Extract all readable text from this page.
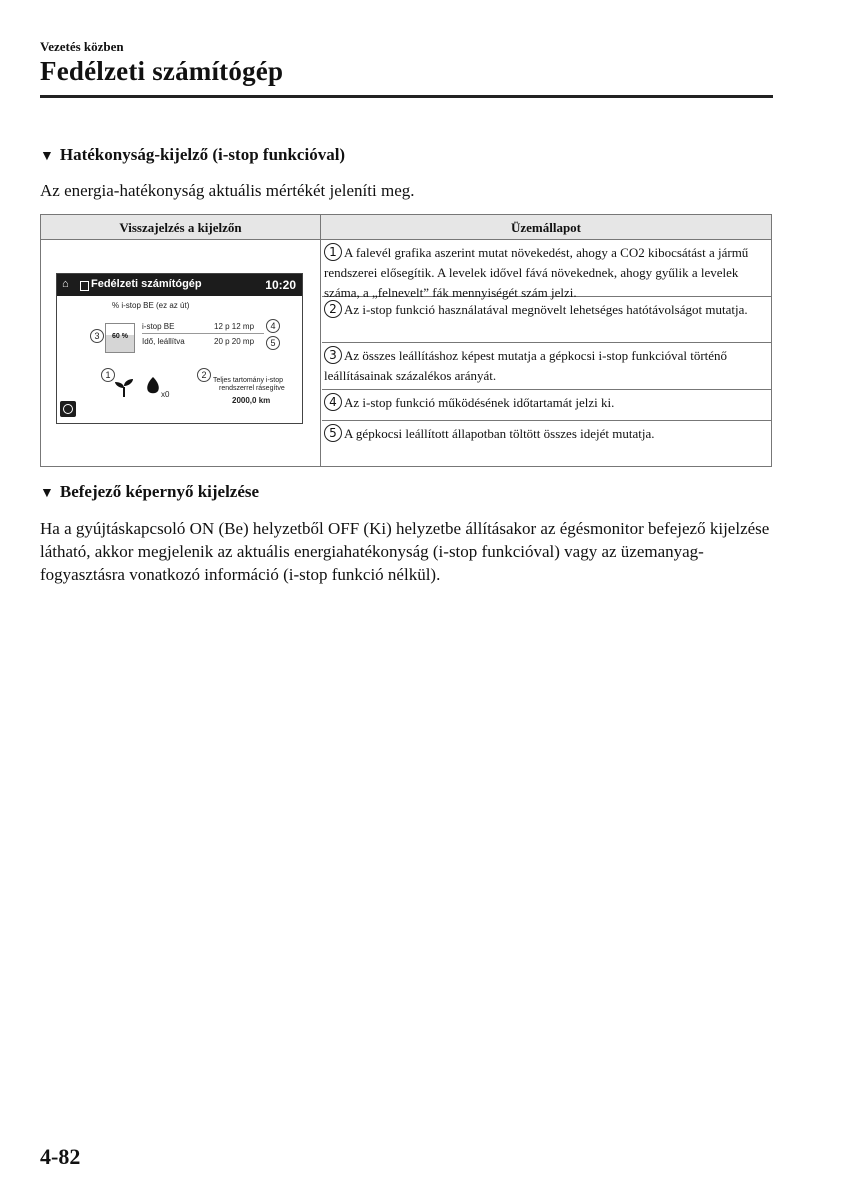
Vezetés közben
Fedélzeti számítógép
▼ Hatékonyság-kijelző (i-stop funkcióval)
Az energia-hatékonyság aktuális mértékét jeleníti meg.
Visszajelzés a kijelzőn	Üzemállapot
⌂ Fedélzeti számítógép	10:20
% i-stop BE (ez az út)
3	60 %
i-stop BE	12 p 12 mp	4
Idő, leállítva	20 p 20 mp	5
1
x0
2
Teljes tartomány i-stop
rendszerrel rásegítve
2000,0 km
1 A falevél grafika aszerint mutat növekedést, ahogy a CO2 kibocsátást a jármű rendszerei elősegítik. A levelek idővel fává növekednek, ahogy gyűlik a levelek száma, a „felnevelt” fák mennyiségét szám jelzi.
2 Az i-stop funkció használatával megnövelt lehetséges hatótávolságot mutatja.
3 Az összes leállításhoz képest mutatja a gépkocsi i-stop funkcióval történő leállításainak százalékos arányát.
4 Az i-stop funkció működésének időtartamát jelzi ki.
5 A gépkocsi leállított állapotban töltött összes idejét mutatja.
▼ Befejező képernyő kijelzése
Ha a gyújtáskapcsoló ON (Be) helyzetből OFF (Ki) helyzetbe állításakor az égésmonitor befejező kijelzése látható, akkor megjelenik az aktuális energiahatékonyság (i-stop funkcióval) vagy az üzemanyag-fogyasztásra vonatkozó információ (i-stop funkció nélkül).
4-82
